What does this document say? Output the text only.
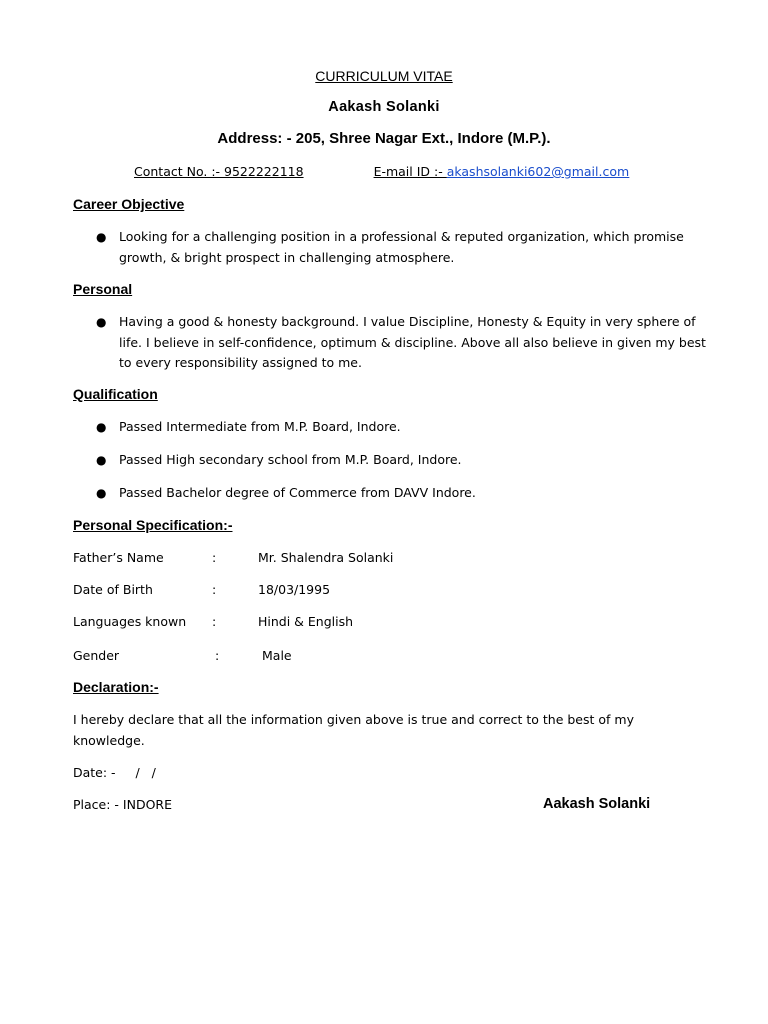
CURRICULUM VITAE
Aakash Solanki
Address: - 205, Shree Nagar Ext., Indore (M.P.).
Contact No. :- 9522222118	E-mail ID :- akashsolanki602@gmail.com
Career Objective
●	Looking for a challenging position in a professional & reputed organization, which promise growth, & bright prospect in challenging atmosphere.
Personal
●	Having a good & honesty background. I value Discipline, Honesty & Equity in very sphere of life. I believe in self-confidence, optimum & discipline. Above all also believe in given my best to every responsibility assigned to me.
Qualification
●	Passed Intermediate from M.P. Board, Indore.
●	Passed High secondary school from M.P. Board, Indore.
●	Passed Bachelor degree of Commerce from DAVV Indore.
Personal Specification:-
Father’s Name	:	Mr. Shalendra Solanki
Date of Birth	:	18/03/1995
Languages known :	Hindi & English
Gender	:	Male
Declaration:-
I hereby declare that all the information given above is true and correct to the best of my knowledge.
Date: -     /   /
Place: - INDORE	Aakash Solanki
